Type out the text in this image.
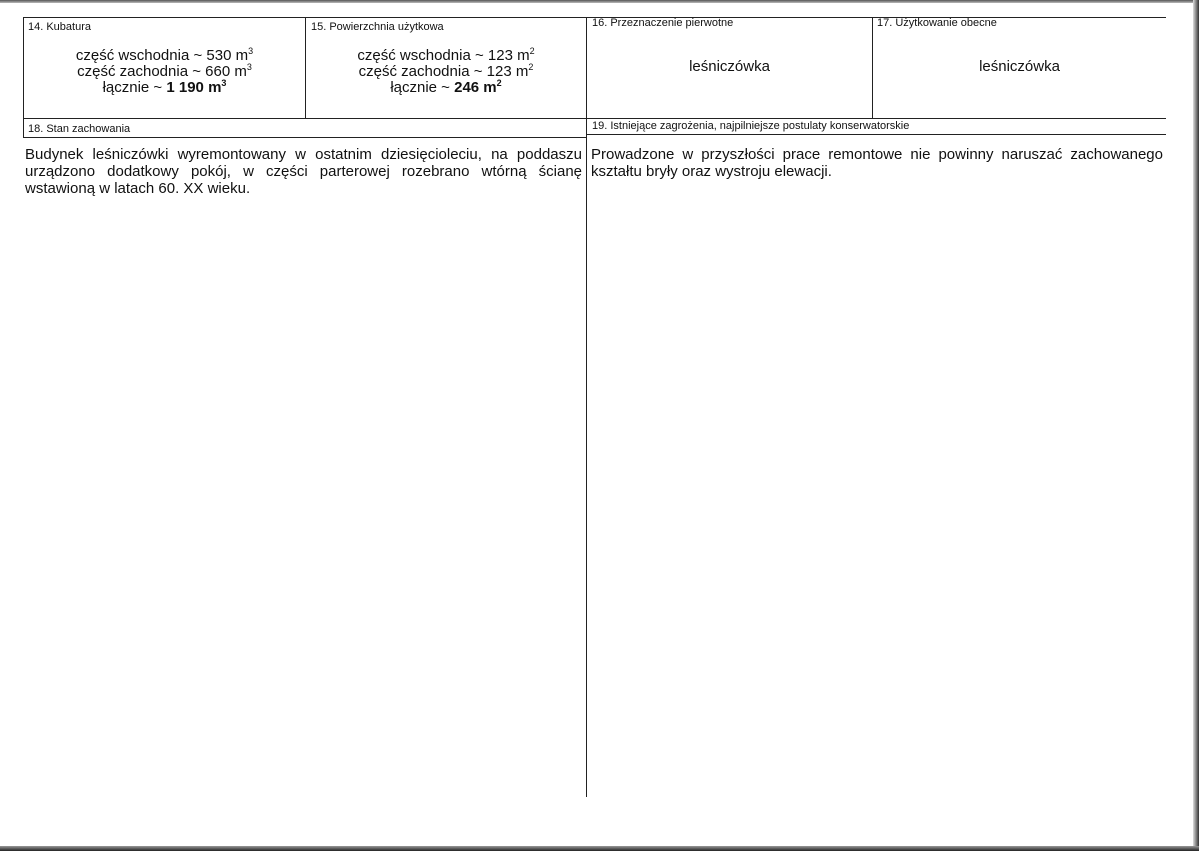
14. Kubatura
część wschodnia ~ 530 $m^3$
część zachodnia ~ 660 $m^3$
łącznie ~ 1 190 $m^3$
15. Powierzchnia użytkowa
część wschodnia ~ 123 $m^2$
część zachodnia ~ 123 $m^2$
łącznie ~ 246 $m^2$
16. Przeznaczenie pierwotne
leśniczówka
17. Użytkowanie obecne
leśniczówka
18. Stan zachowania
Budynek leśniczówki wyremontowany w ostatnim dziesięcioleciu, na poddaszu urządzono dodatkowy pokój, w części parterowej rozebrano wtórną ścianę wstawioną w latach 60. XX wieku.
19. Istniejące zagrożenia, najpilniejsze postulaty konserwatorskie
Prowadzone w przyszłości prace remontowe nie powinny naruszać zachowanego kształtu bryły oraz wystroju elewacji.
